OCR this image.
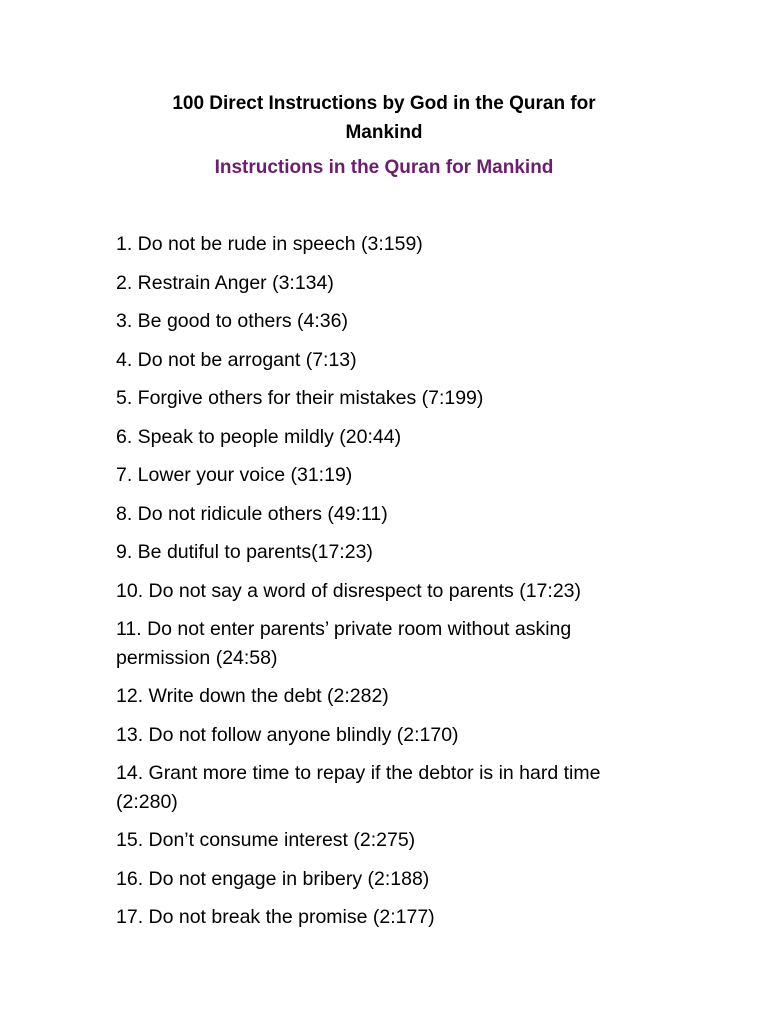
100 Direct Instructions by God in the Quran for Mankind
Instructions in the Quran for Mankind
1. Do not be rude in speech (3:159)
2. Restrain Anger (3:134)
3. Be good to others (4:36)
4. Do not be arrogant (7:13)
5. Forgive others for their mistakes (7:199)
6. Speak to people mildly (20:44)
7. Lower your voice (31:19)
8. Do not ridicule others (49:11)
9. Be dutiful to parents(17:23)
10. Do not say a word of disrespect to parents (17:23)
11. Do not enter parents’ private room without asking permission (24:58)
12. Write down the debt (2:282)
13. Do not follow anyone blindly (2:170)
14. Grant more time to repay if the debtor is in hard time (2:280)
15. Don’t consume interest (2:275)
16. Do not engage in bribery (2:188)
17. Do not break the promise (2:177)
